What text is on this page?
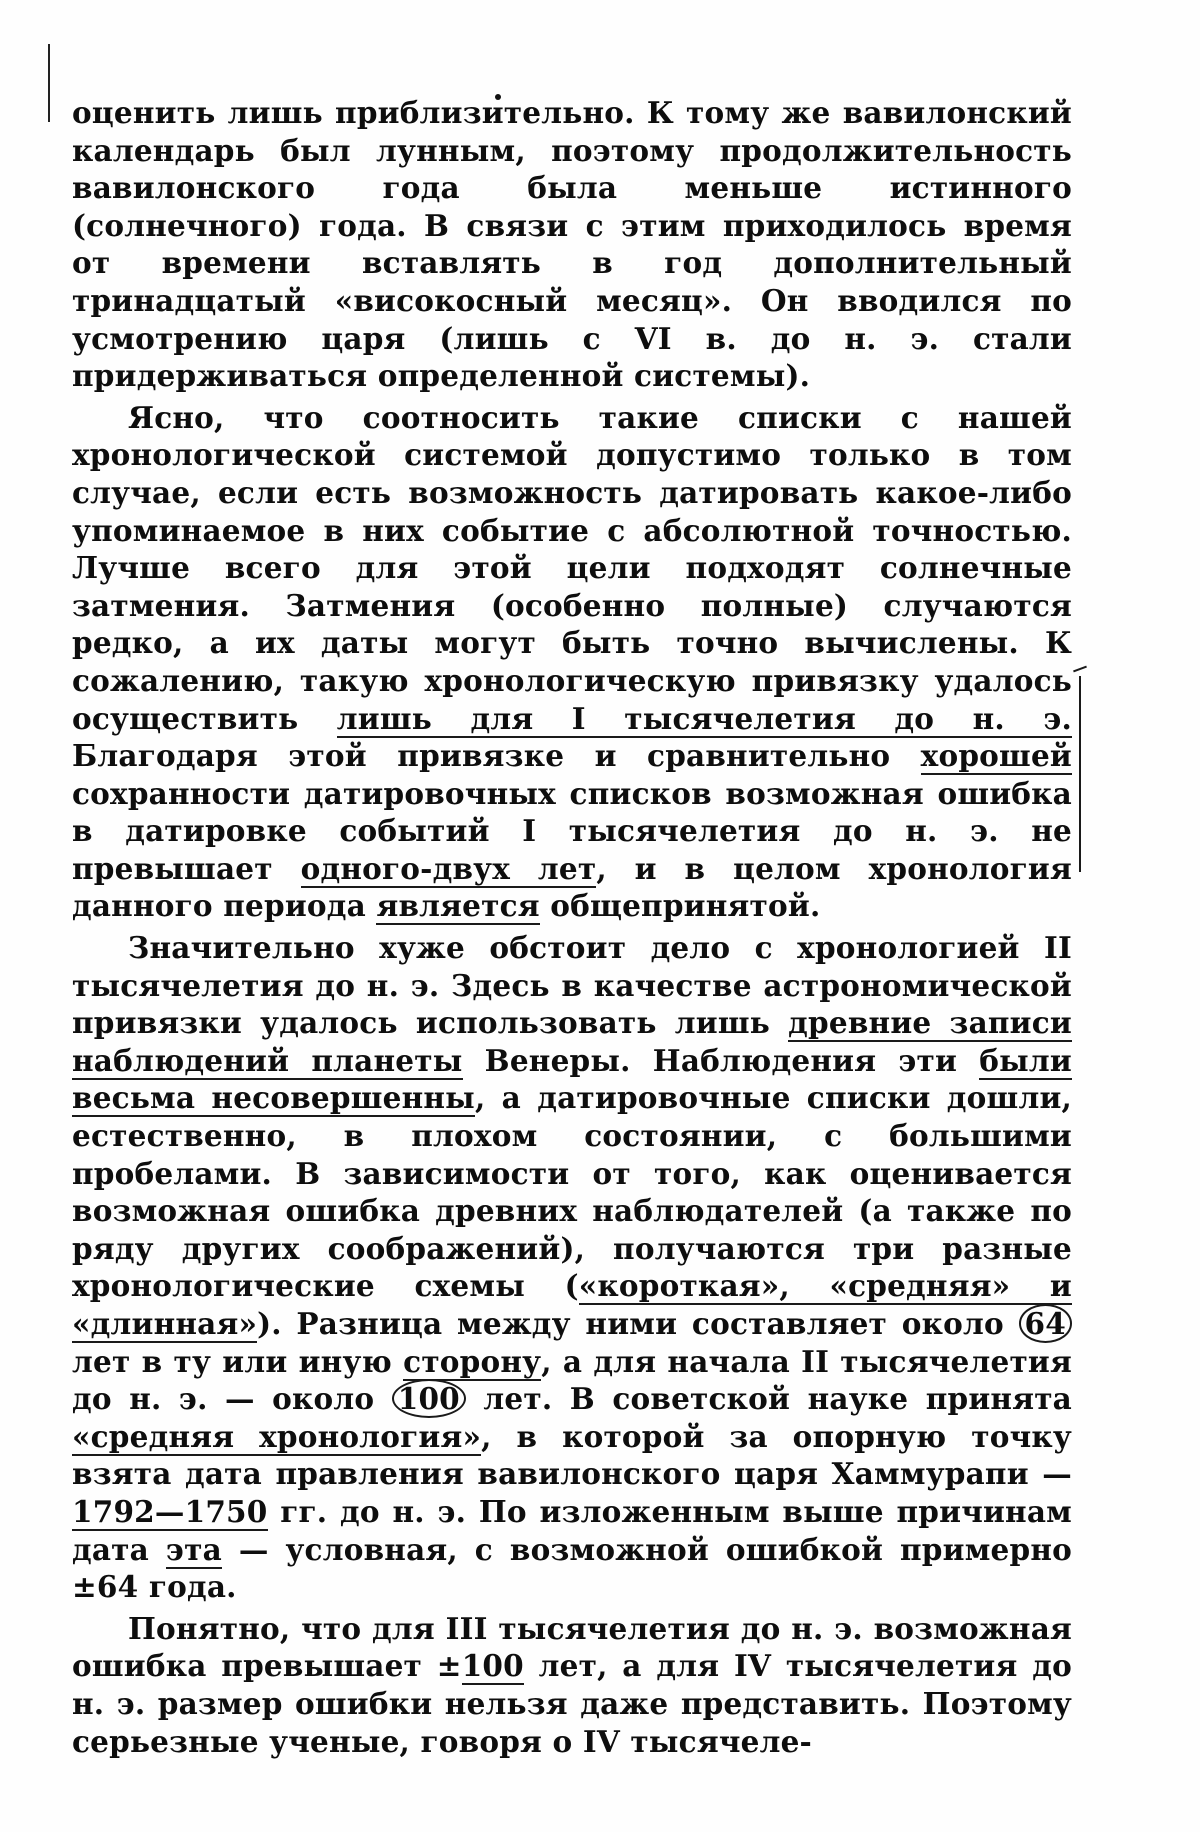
оценить лишь приблизительно. К тому же вавилонский календарь был лунным, поэтому продолжительность вавилонского года была меньше истинного (солнечного) года. В связи с этим приходилось время от времени вставлять в год дополнительный тринадцатый «високосный месяц». Он вводился по усмотрению царя (лишь с VI в. до н. э. стали придерживаться определенной системы).

Ясно, что соотносить такие списки с нашей хронологической системой допустимо только в том случае, если есть возможность датировать какое-либо упоминаемое в них событие с абсолютной точностью. Лучше всего для этой цели подходят солнечные затмения. Затмения (особенно полные) случаются редко, а их даты могут быть точно вычислены. К сожалению, такую хронологическую привязку удалось осуществить лишь для I тысячелетия до н. э. Благодаря этой привязке и сравнительно хорошей сохранности датировочных списков возможная ошибка в датировке событий I тысячелетия до н. э. не превышает одного-двух лет, и в целом хронология данного периода является общепринятой.

Значительно хуже обстоит дело с хронологией II тысячелетия до н. э. Здесь в качестве астрономической привязки удалось использовать лишь древние записи наблюдений планеты Венеры. Наблюдения эти были весьма несовершенны, а датировочные списки дошли, естественно, в плохом состоянии, с большими пробелами. В зависимости от того, как оценивается возможная ошибка древних наблюдателей (а также по ряду других соображений), получаются три разные хронологические схемы («короткая», «средняя» и «длинная»). Разница между ними составляет около 64 лет в ту или иную сторону, а для начала II тысячелетия до н. э. — около 100 лет. В советской науке принята «средняя хронология», в которой за опорную точку взята дата правления вавилонского царя Хаммурапи — 1792—1750 гг. до н. э. По изложенным выше причинам дата эта — условная, с возможной ошибкой примерно ±64 года.

Понятно, что для III тысячелетия до н. э. возможная ошибка превышает ±100 лет, а для IV тысячелетия до н. э. размер ошибки нельзя даже представить. Поэтому серьезные ученые, говоря о IV тысячеле-
